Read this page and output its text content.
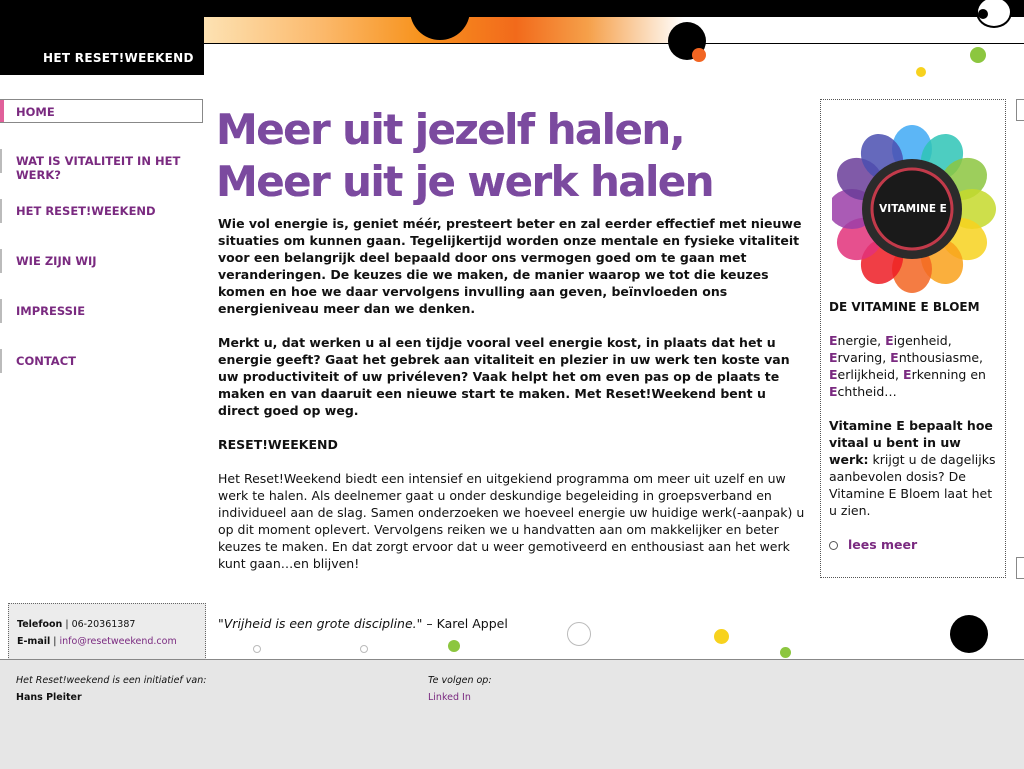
HET RESET!WEEKEND
HOME
WAT IS VITALITEIT IN HET WERK?
HET RESET!WEEKEND
WIE ZIJN WIJ
IMPRESSIE
CONTACT
Meer uit jezelf halen,
Meer uit je werk halen

Wie vol energie is, geniet méér, presteert beter en zal eerder effectief met nieuwe situaties om kunnen gaan. Tegelijkertijd worden onze mentale en fysieke vitaliteit voor een belangrijk deel bepaald door ons vermogen goed om te gaan met veranderingen. De keuzes die we maken, de manier waarop we tot die keuzes komen en hoe we daar vervolgens invulling aan geven, beïnvloeden ons energieniveau meer dan we denken.

Merkt u, dat werken u al een tijdje vooral veel energie kost, in plaats dat het u energie geeft? Gaat het gebrek aan vitaliteit en plezier in uw werk ten koste van uw productiviteit of uw privéleven? Vaak helpt het om even pas op de plaats te maken en van daaruit een nieuwe start te maken. Met Reset!Weekend bent u direct goed op weg.

RESET!WEEKEND

Het Reset!Weekend biedt een intensief en uitgekiend programma om meer uit uzelf en uw werk te halen. Als deelnemer gaat u onder deskundige begeleiding in groepsverband en individueel aan de slag. Samen onderzoeken we hoeveel energie uw huidige werk(-aanpak) u op dit moment oplevert. Vervolgens reiken we u handvatten aan om makkelijker en beter keuzes te maken. En dat zorgt ervoor dat u weer gemotiveerd en enthousiast aan het werk kunt gaan…en blijven!

VITAMINE E
DE VITAMINE E BLOEM
Energie, Eigenheid,
Ervaring, Enthousiasme,
Eerlijkheid, Erkenning en
Echtheid…
Vitamine E bepaalt hoe vitaal u bent in uw werk: krijgt u de dagelijks aanbevolen dosis? De Vitamine E Bloem laat het u zien.
lees meer
Telefoon | 06-20361387
E-mail | info@resetweekend.com
"Vrijheid is een grote discipline." – Karel Appel
Het Reset!weekend is een initiatief van:
Hans Pleiter
Te volgen op:
Linked In
